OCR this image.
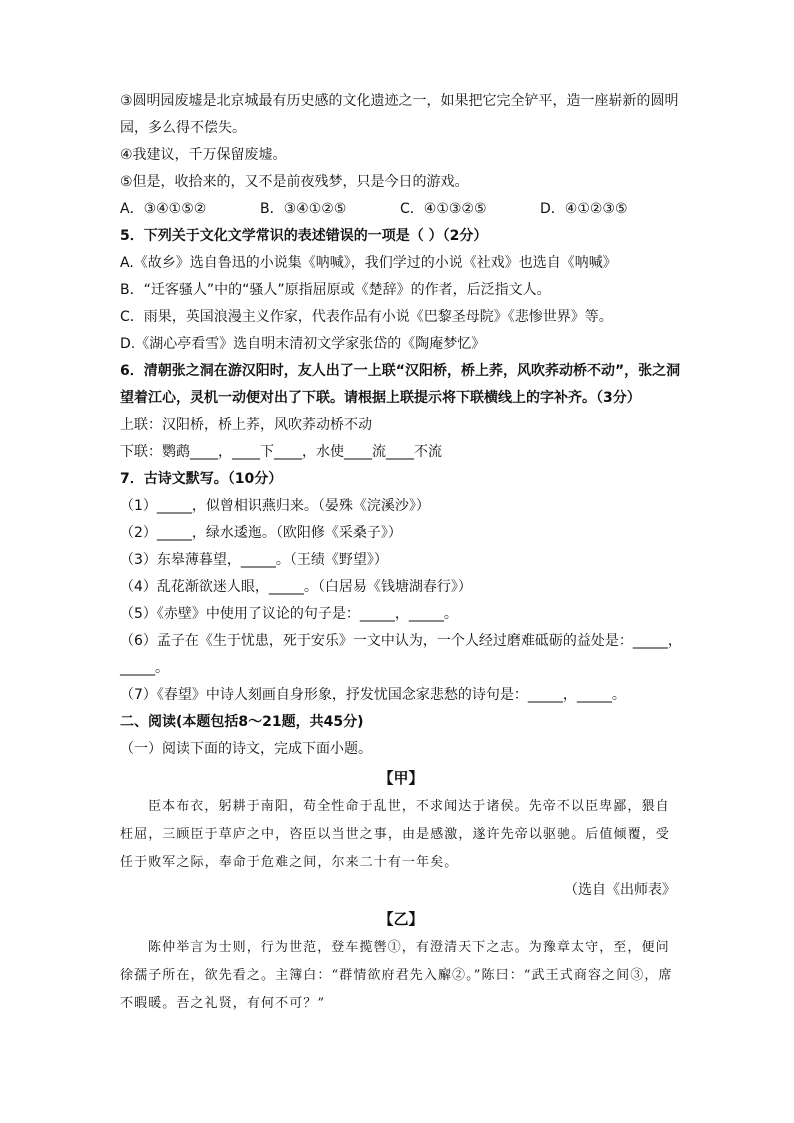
③圆明园废墟是北京城最有历史感的文化遗迹之一，如果把它完全铲平，造一座崭新的圆明园，多么得不偿失。
④我建议，千万保留废墟。
⑤但是，收拾来的，又不是前夜残梦，只是今日的游戏。
A．③④①⑤②	B．③④①②⑤	C．④①③②⑤	D．④①②③⑤
5．下列关于文化文学常识的表述错误的一项是（ ）（2分）
A.《故乡》选自鲁迅的小说集《呐喊》，我们学过的小说《社戏》也选自《呐喊》
B．“迁客骚人”中的“骚人”原指屈原或《楚辞》的作者，后泛指文人。
C．雨果，英国浪漫主义作家，代表作品有小说《巴黎圣母院》《悲惨世界》等。
D.《湖心亭看雪》选自明末清初文学家张岱的《陶庵梦忆》
6．清朝张之洞在游汉阳时，友人出了一上联“汉阳桥，桥上荞，风吹荞动桥不动”，张之洞望着江心，灵机一动便对出了下联。请根据上联提示将下联横线上的字补齐。（3分）
上联：汉阳桥，桥上荞，风吹荞动桥不动
下联：鹦鹉____，____下____，水使____流____不流
7．古诗文默写。（10分）
（1）_____，似曾相识燕归来。（晏殊《浣溪沙》）
（2）_____，绿水逶迤。（欧阳修《采桑子》）
（3）东皋薄暮望，_____。（王绩《野望》）
（4）乱花渐欲迷人眼，_____。（白居易《钱塘湖春行》）
（5）《赤壁》中使用了议论的句子是：_____，_____。
（6）孟子在《生于忧患，死于安乐》一文中认为，一个人经过磨难砥砺的益处是：_____，_____。
（7）《春望》中诗人刻画自身形象，抒发忧国念家悲愁的诗句是：_____，_____。
二、阅读(本题包括8～21题，共45分)
（一）阅读下面的诗文，完成下面小题。
【甲】
臣本布衣，躬耕于南阳，苟全性命于乱世，不求闻达于诸侯。先帝不以臣卑鄙，猥自枉屈，三顾臣于草庐之中，咨臣以当世之事，由是感激，遂许先帝以驱驰。后值倾覆，受任于败军之际，奉命于危难之间，尔来二十有一年矣。
（选自《出师表》
【乙】
陈仲举言为士则，行为世范，登车揽辔①，有澄清天下之志。为豫章太守，至，便问徐孺子所在，欲先看之。主簿白：“群情欲府君先入廨②。”陈曰：“武王式商容之间③，席不暇暖。吾之礼贤，有何不可？”
